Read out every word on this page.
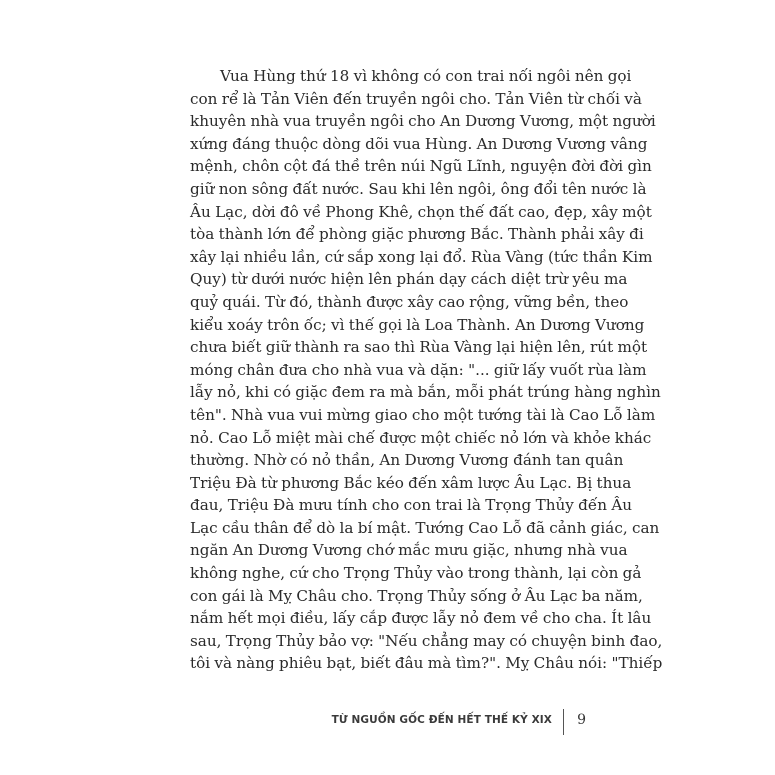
Vua Hùng thứ 18 vì không có con trai nối ngôi nên gọi
con rể là Tản Viên đến truyền ngôi cho. Tản Viên từ chối và
khuyên nhà vua truyền ngôi cho An Dương Vương, một người
xứng đáng thuộc dòng dõi vua Hùng. An Dương Vương vâng
mệnh, chôn cột đá thề trên núi Ngũ Lĩnh, nguyện đời đời gìn
giữ non sông đất nước. Sau khi lên ngôi, ông đổi tên nước là
Âu Lạc, dời đô về Phong Khê, chọn thế đất cao, đẹp, xây một
tòa thành lớn để phòng giặc phương Bắc. Thành phải xây đi
xây lại nhiều lần, cứ sắp xong lại đổ. Rùa Vàng (tức thần Kim
Quy) từ dưới nước hiện lên phán dạy cách diệt trừ yêu ma
quỷ quái. Từ đó, thành được xây cao rộng, vững bền, theo
kiểu xoáy trôn ốc; vì thế gọi là Loa Thành. An Dương Vương
chưa biết giữ thành ra sao thì Rùa Vàng lại hiện lên, rút một
móng chân đưa cho nhà vua và dặn: "... giữ lấy vuốt rùa làm
lẫy nỏ, khi có giặc đem ra mà bắn, mỗi phát trúng hàng nghìn
tên". Nhà vua vui mừng giao cho một tướng tài là Cao Lỗ làm
nỏ. Cao Lỗ miệt mài chế được một chiếc nỏ lớn và khỏe khác
thường. Nhờ có nỏ thần, An Dương Vương đánh tan quân
Triệu Đà từ phương Bắc kéo đến xâm lược Âu Lạc. Bị thua
đau, Triệu Đà mưu tính cho con trai là Trọng Thủy đến Âu
Lạc cầu thân để dò la bí mật. Tướng Cao Lỗ đã cảnh giác, can
ngăn An Dương Vương chớ mắc mưu giặc, nhưng nhà vua
không nghe, cứ cho Trọng Thủy vào trong thành, lại còn gả
con gái là Mỵ Châu cho. Trọng Thủy sống ở Âu Lạc ba năm,
nắm hết mọi điều, lấy cắp được lẫy nỏ đem về cho cha. Ít lâu
sau, Trọng Thủy bảo vợ: "Nếu chẳng may có chuyện binh đao,
tôi và nàng phiêu bạt, biết đâu mà tìm?". Mỵ Châu nói: "Thiếp

TỪ NGUỒN GỐC ĐẾN HẾT THẾ KỶ XIX 9
